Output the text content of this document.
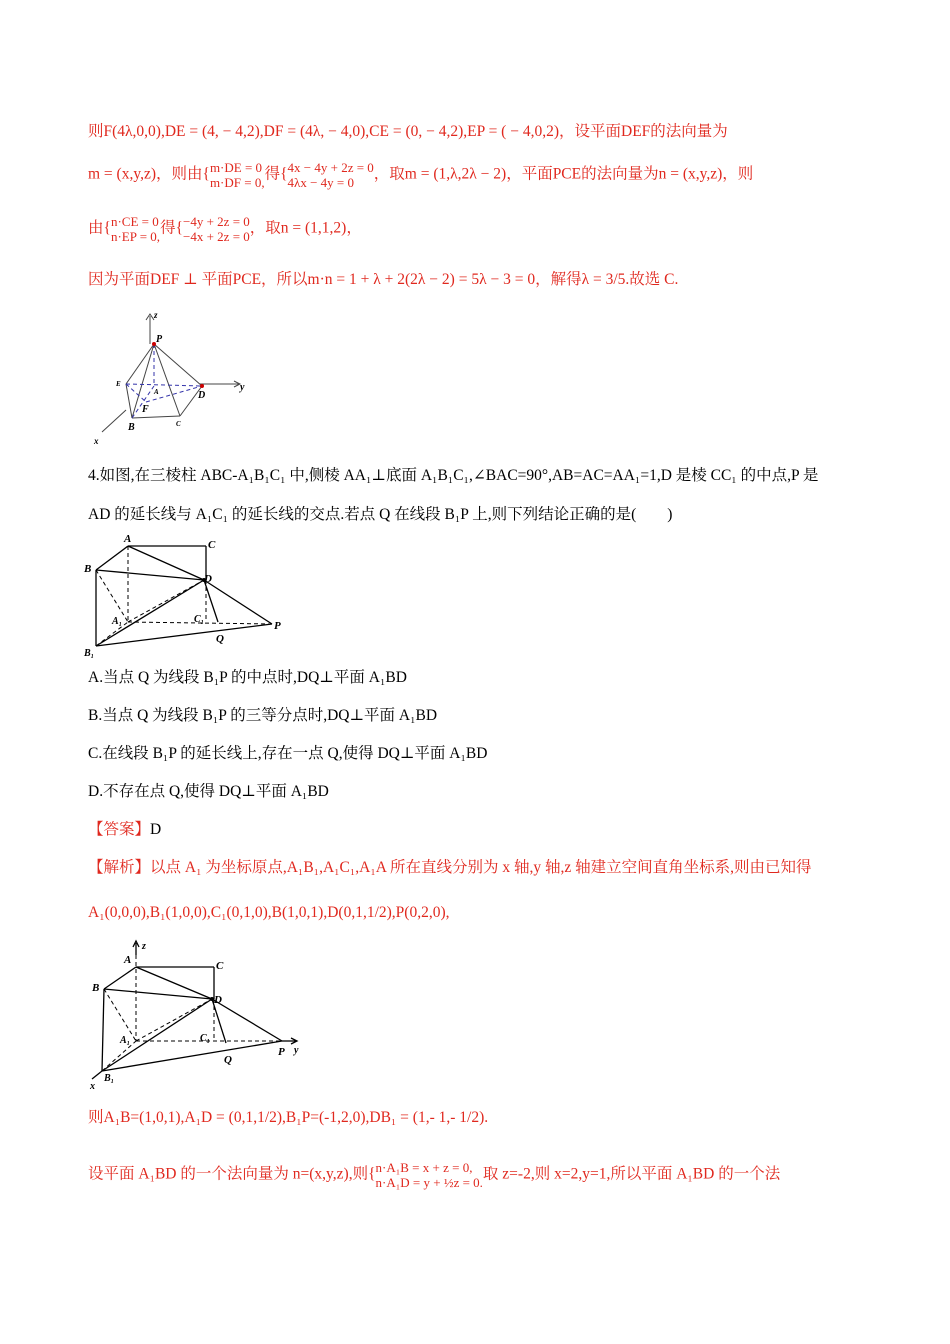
则F(4λ,0,0),DE = (4, − 4,2),DF = (4λ, − 4,0),CE = (0, − 4,2),EP = ( − 4,0,2)，设平面DEF的法向量为
m = (x,y,z)，则由{m·DE = 0
m·DF = 0,得{4x − 4y + 2z = 0
4λx − 4y = 0 ，取m = (1,λ,2λ − 2)，平面PCE的法向量为n = (x,y,z)，则
由{n·CE = 0
n·EP = 0,得{−4y + 2z = 0
−4x + 2z = 0，取n = (1,1,2)，
因为平面DEF ⊥ 平面PCE，所以m·n = 1 + λ + 2(2λ − 2) = 5λ − 3 = 0，解得λ = 3/5.故选 C.
z
P
E
A	D
y
F
B	C
x
4.如图,在三棱柱 ABC-A₁B₁C₁ 中,侧棱 AA₁⊥底面 A₁B₁C₁,∠BAC=90°,AB=AC=AA₁=1,D 是棱 CC₁ 的中点,P 是
AD 的延长线与 A₁C₁ 的延长线的交点.若点 Q 在线段 B₁P 上,则下列结论正确的是(　　)
A	C
B
D
A₁	C₁
Q
P
B₁
A.当点 Q 为线段 B₁P 的中点时,DQ⊥平面 A₁BD
B.当点 Q 为线段 B₁P 的三等分点时,DQ⊥平面 A₁BD
C.在线段 B₁P 的延长线上,存在一点 Q,使得 DQ⊥平面 A₁BD
D.不存在点 Q,使得 DQ⊥平面 A₁BD
【答案】D
【解析】以点 A₁ 为坐标原点,A₁B₁,A₁C₁,A₁A 所在直线分别为 x 轴,y 轴,z 轴建立空间直角坐标系,则由已知得
A₁(0,0,0),B₁(1,0,0),C₁(0,1,0),B(1,0,1),D(0,1,1/2),P(0,2,0),
z
A	C
B
D
A₁	C₁
Q
P y
B₁
x
则A₁B=(1,0,1),A₁D = (0,1,1/2),B₁P=(-1,2,0),DB₁ = (1,- 1,- 1/2).
设平面 A₁BD 的一个法向量为 n=(x,y,z),则{n·A₁B = x + z = 0,
n·A₁D = y + ½z = 0.取 z=-2,则 x=2,y=1,所以平面 A₁BD 的一个法
